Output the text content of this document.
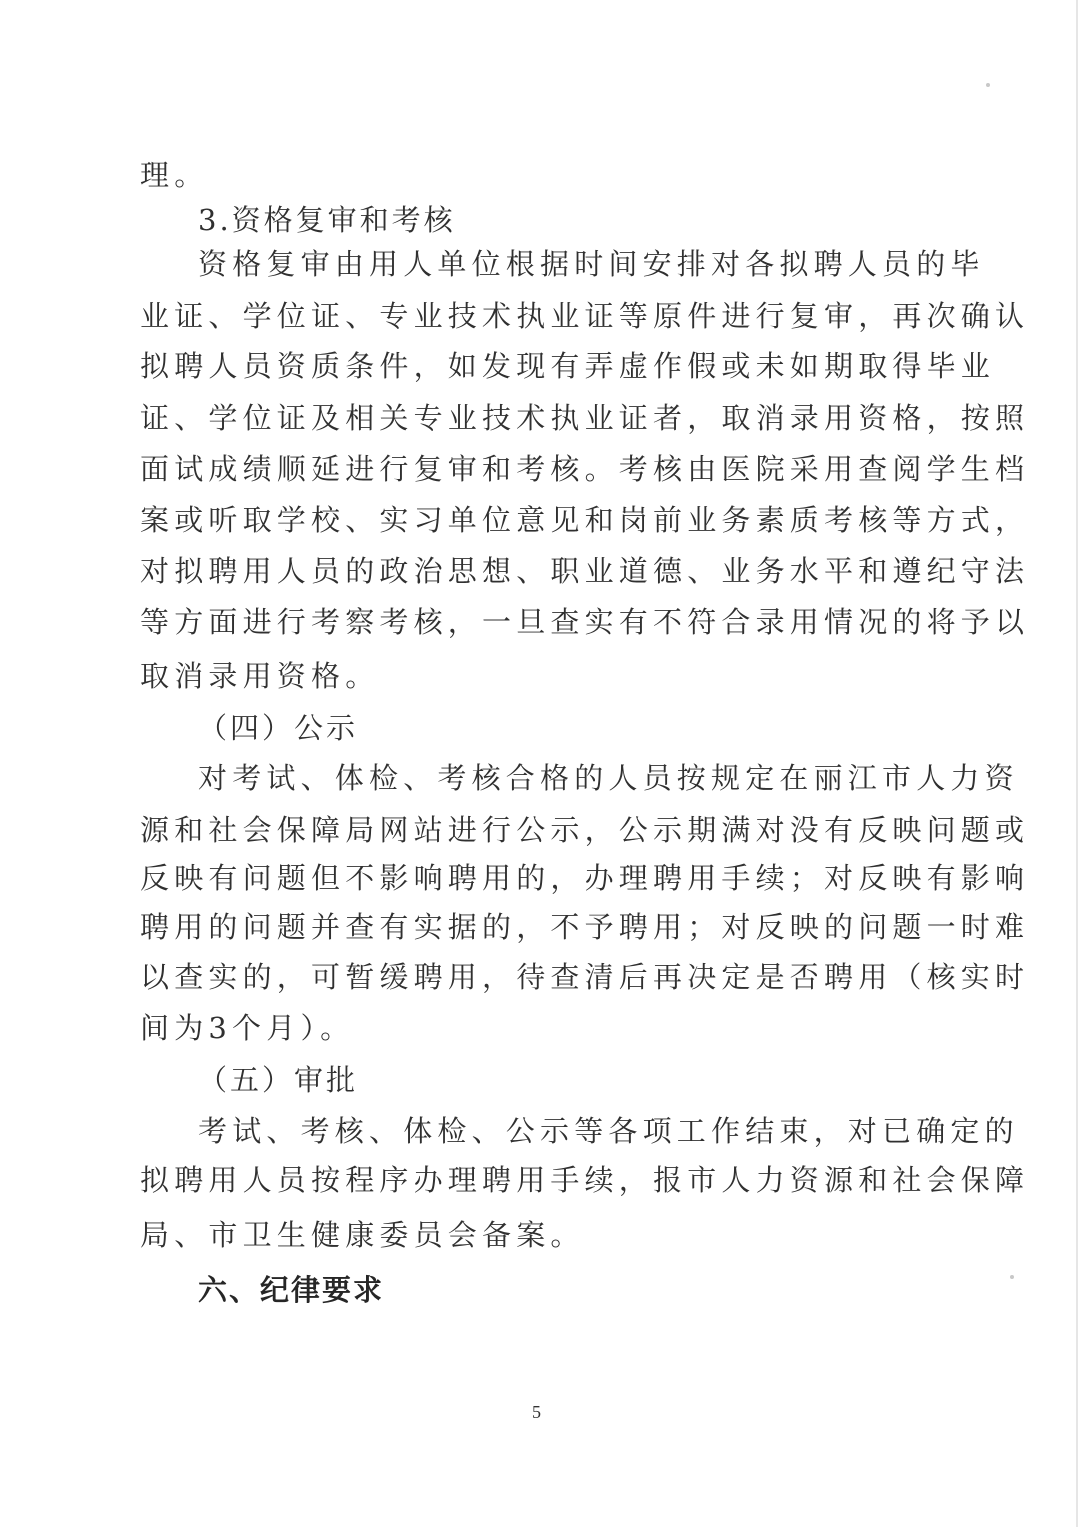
理。
3.资格复审和考核
资格复审由用人单位根据时间安排对各拟聘人员的毕
业证、学位证、专业技术执业证等原件进行复审，再次确认
拟聘人员资质条件，如发现有弄虚作假或未如期取得毕业
证、学位证及相关专业技术执业证者，取消录用资格，按照
面试成绩顺延进行复审和考核。考核由医院采用查阅学生档
案或听取学校、实习单位意见和岗前业务素质考核等方式，
对拟聘用人员的政治思想、职业道德、业务水平和遵纪守法
等方面进行考察考核，一旦查实有不符合录用情况的将予以
取消录用资格。
（四）公示
对考试、体检、考核合格的人员按规定在丽江市人力资
源和社会保障局网站进行公示，公示期满对没有反映问题或
反映有问题但不影响聘用的，办理聘用手续；对反映有影响
聘用的问题并查有实据的，不予聘用；对反映的问题一时难
以查实的，可暂缓聘用，待查清后再决定是否聘用（核实时
间为3个月）。
（五）审批
考试、考核、体检、公示等各项工作结束，对已确定的
拟聘用人员按程序办理聘用手续，报市人力资源和社会保障
局、市卫生健康委员会备案。
六、纪律要求
5
